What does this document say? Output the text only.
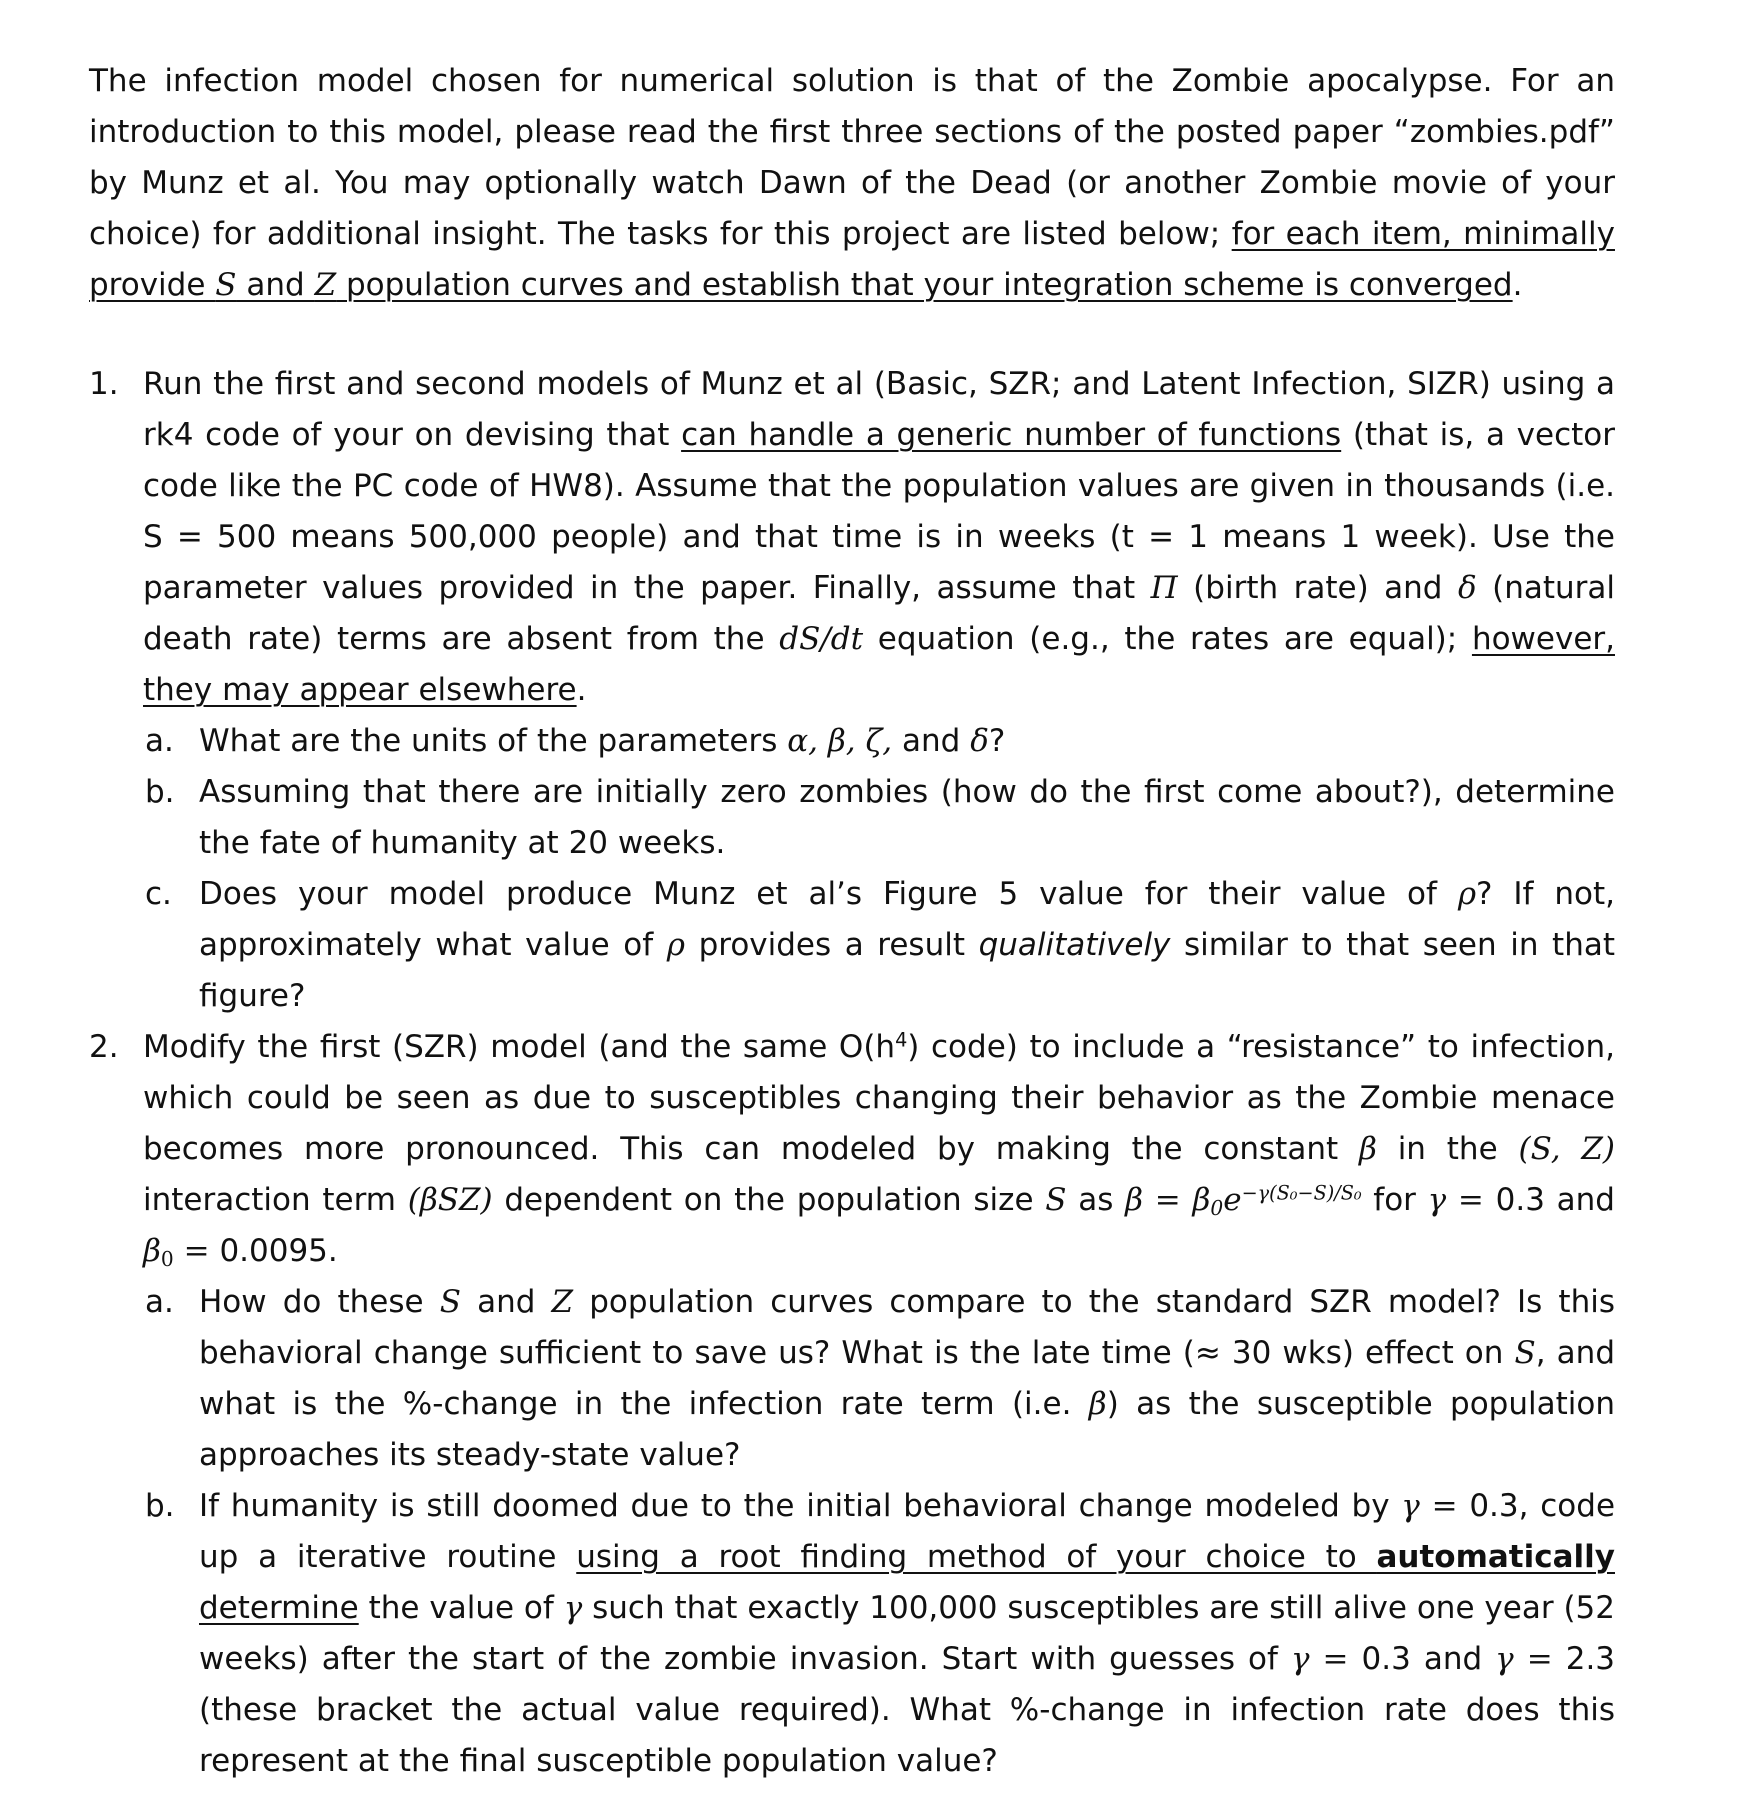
The infection model chosen for numerical solution is that of the Zombie apocalypse. For an introduction to this model, please read the first three sections of the posted paper “zombies.pdf” by Munz et al. You may optionally watch Dawn of the Dead (or another Zombie movie of your choice) for additional insight. The tasks for this project are listed below; for each item, minimally provide S and Z population curves and establish that your integration scheme is converged.

1. Run the first and second models of Munz et al (Basic, SZR; and Latent Infection, SIZR) using a rk4 code of your on devising that can handle a generic number of functions (that is, a vector code like the PC code of HW8). Assume that the population values are given in thousands (i.e. S = 500 means 500,000 people) and that time is in weeks (t = 1 means 1 week). Use the parameter values provided in the paper. Finally, assume that Π (birth rate) and δ (natural death rate) terms are absent from the dS/dt equation (e.g., the rates are equal); however, they may appear elsewhere.
a. What are the units of the parameters α, β, ζ, and δ?
b. Assuming that there are initially zero zombies (how do the first come about?), determine the fate of humanity at 20 weeks.
c. Does your model produce Munz et al’s Figure 5 value for their value of ρ? If not, approximately what value of ρ provides a result qualitatively similar to that seen in that figure?
2. Modify the first (SZR) model (and the same $O(h^4)$ code) to include a “resistance” to infection, which could be seen as due to susceptibles changing their behavior as the Zombie menace becomes more pronounced. This can modeled by making the constant β in the (S, Z) interaction term (βSZ) dependent on the population size S as $\beta = \beta_0e^{-\gamma(S_0-S)/S_0}$ for γ = 0.3 and $\beta_0 = 0.0095$.
a. How do these S and Z population curves compare to the standard SZR model? Is this behavioral change sufficient to save us? What is the late time (≈ 30 wks) effect on S, and what is the %-change in the infection rate term (i.e. β) as the susceptible population approaches its steady-state value?
b. If humanity is still doomed due to the initial behavioral change modeled by γ = 0.3, code up a iterative routine using a root finding method of your choice to automatically determine the value of γ such that exactly 100,000 susceptibles are still alive one year (52 weeks) after the start of the zombie invasion. Start with guesses of γ = 0.3 and γ = 2.3 (these bracket the actual value required). What %-change in infection rate does this represent at the final susceptible population value?
